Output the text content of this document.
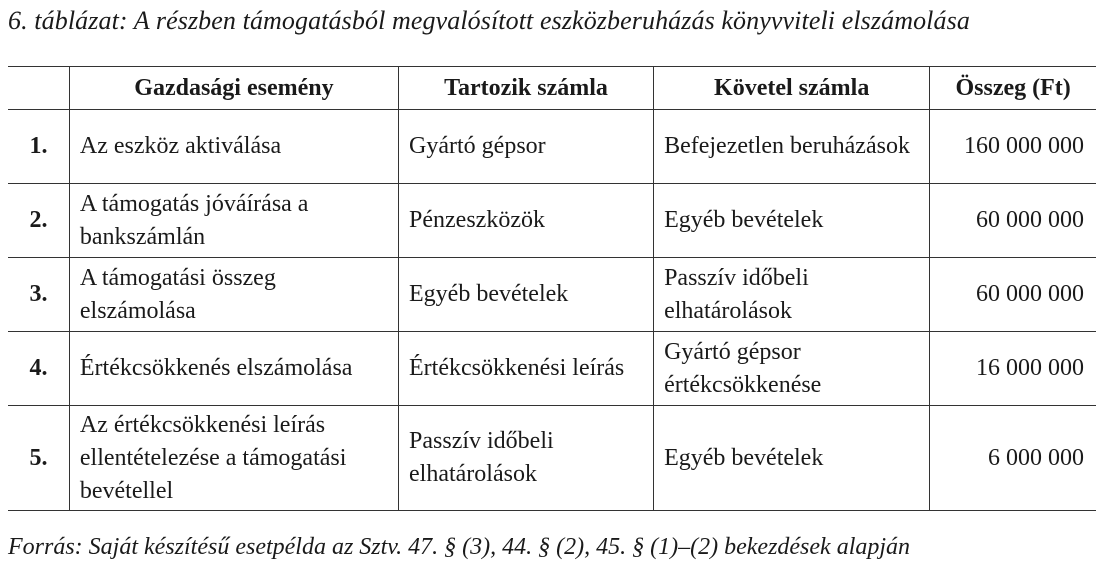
6. táblázat: A részben támogatásból megvalósított eszközberuházás könyvviteli elszámolása
	Gazdasági esemény	Tartozik számla	Követel számla	Összeg (Ft)
1.	Az eszköz aktiválása	Gyártó gépsor	Befejezetlen beruházások	160 000 000
2.	A támogatás jóváírása a bankszámlán	Pénzeszközök	Egyéb bevételek	60 000 000
3.	A támogatási összeg elszámolása	Egyéb bevételek	Passzív időbeli elhatárolások	60 000 000
4.	Értékcsökkenés elszámolása	Értékcsökkenési leírás	Gyártó gépsor értékcsökkenése	16 000 000
5.	Az értékcsökkenési leírás ellentételezése a támogatási bevétellel	Passzív időbeli elhatárolások	Egyéb bevételek	6 000 000
Forrás: Saját készítésű esetpélda az Sztv. 47. § (3), 44. § (2), 45. § (1)–(2) bekezdések alapján
